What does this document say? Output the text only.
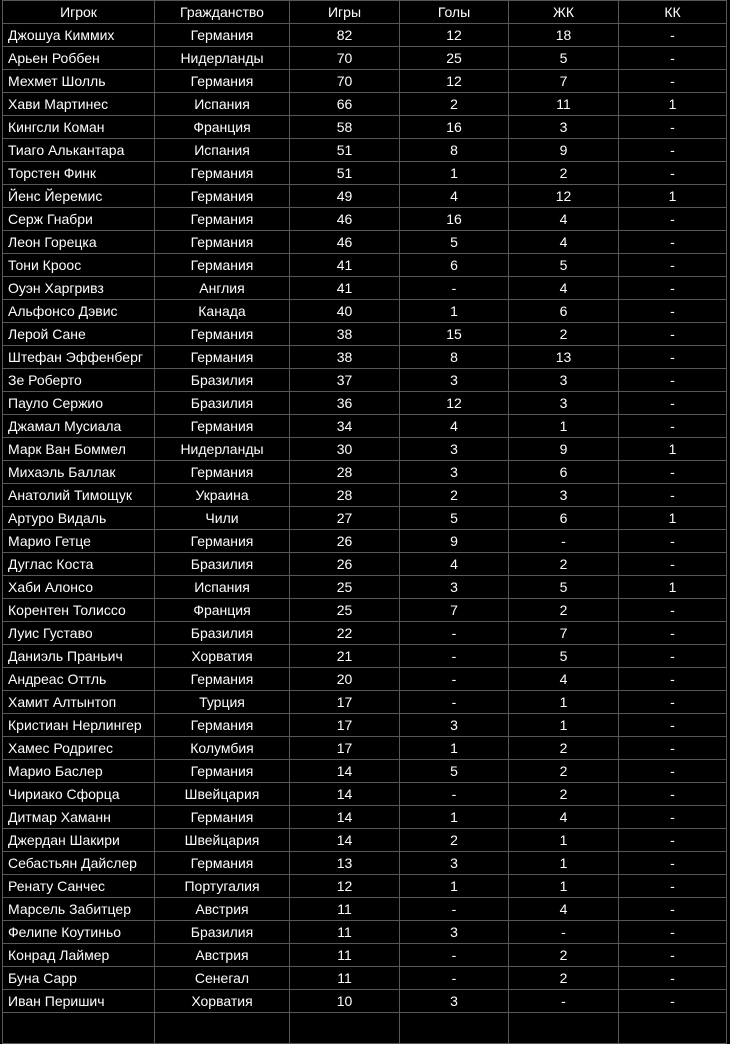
Игрок	Гражданство	Игры	Голы	ЖК	КК
Джошуа Киммих	Германия	82	12	18	-
Арьен Роббен	Нидерланды	70	25	5	-
Мехмет Шолль	Германия	70	12	7	-
Хави Мартинес	Испания	66	2	11	1
Кингсли Коман	Франция	58	16	3	-
Тиаго Алькантара	Испания	51	8	9	-
Торстен Финк	Германия	51	1	2	-
Йенс Йеремис	Германия	49	4	12	1
Серж Гнабри	Германия	46	16	4	-
Леон Горецка	Германия	46	5	4	-
Тони Кроос	Германия	41	6	5	-
Оуэн Харгривз	Англия	41	-	4	-
Альфонсо Дэвис	Канада	40	1	6	-
Лерой Сане	Германия	38	15	2	-
Штефан Эффенберг	Германия	38	8	13	-
Зе Роберто	Бразилия	37	3	3	-
Пауло Сержио	Бразилия	36	12	3	-
Джамал Мусиала	Германия	34	4	1	-
Марк Ван Боммел	Нидерланды	30	3	9	1
Михаэль Баллак	Германия	28	3	6	-
Анатолий Тимощук	Украина	28	2	3	-
Артуро Видаль	Чили	27	5	6	1
Марио Гетце	Германия	26	9	-	-
Дуглас Коста	Бразилия	26	4	2	-
Хаби Алонсо	Испания	25	3	5	1
Корентен Толиссо	Франция	25	7	2	-
Луис Густаво	Бразилия	22	-	7	-
Даниэль Праньич	Хорватия	21	-	5	-
Андреас Оттль	Германия	20	-	4	-
Хамит Алтынтоп	Турция	17	-	1	-
Кристиан Нерлингер	Германия	17	3	1	-
Хамес Родригес	Колумбия	17	1	2	-
Марио Баслер	Германия	14	5	2	-
Чириако Сфорца	Швейцария	14	-	2	-
Дитмар Хаманн	Германия	14	1	4	-
Джердан Шакири	Швейцария	14	2	1	-
Себастьян Дайслер	Германия	13	3	1	-
Ренату Санчес	Португалия	12	1	1	-
Марсель Забитцер	Австрия	11	-	4	-
Фелипе Коутиньо	Бразилия	11	3	-	-
Конрад Лаймер	Австрия	11	-	2	-
Буна Сарр	Сенегал	11	-	2	-
Иван Перишич	Хорватия	10	3	-	-
